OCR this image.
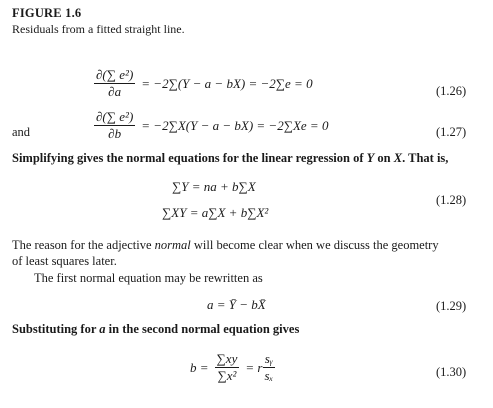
FIGURE 1.6
Residuals from a fitted straight line.
$\frac{\text{∂(∑ e²)}}{\partial a} = -2\sum(Y - a - bX) = -2\sum e = 0$
(1.26)
and	$\frac{\text{∂(∑ e²)}}{\partial b} = -2\sum X(Y - a - bX) = -2\sum Xe = 0$	(1.27)
Simplifying gives the normal equations for the linear regression of Y on X. That is,
∑Y = na + b∑X
∑XY = a∑X + b∑X²
(1.28)
The reason for the adjective normal will become clear when we discuss the geometry
of least squares later.
The first normal equation may be rewritten as
a = Ȳ − bX̄	(1.29)
Substituting for a in the second normal equation gives
$b = \frac{\sum xy}{\text{∑x²}} = r \frac{\text{sᵧ}}{\text{sₓ}}$	(1.30)
